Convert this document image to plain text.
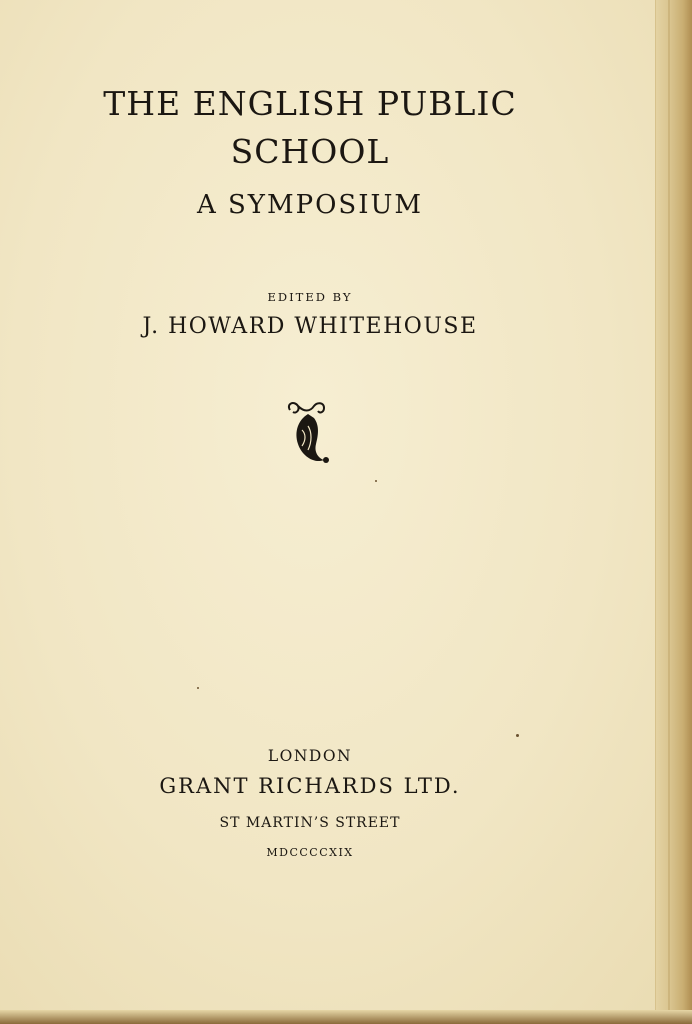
THE ENGLISH PUBLIC
SCHOOL
A SYMPOSIUM
EDITED BY
J. HOWARD WHITEHOUSE
LONDON
GRANT RICHARDS LTD.
ST MARTIN’S STREET
MDCCCCXIX
